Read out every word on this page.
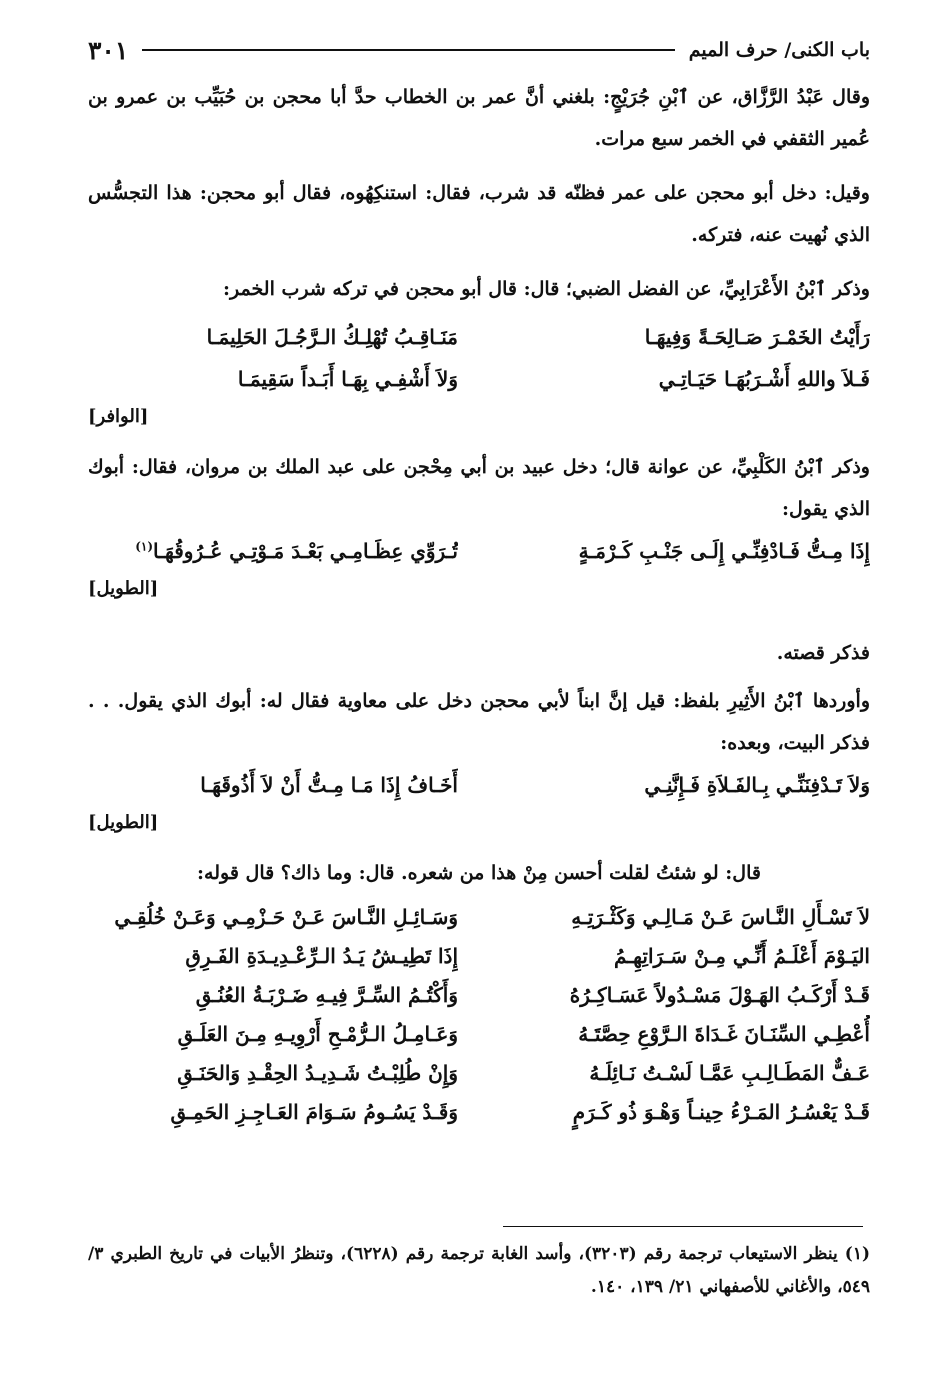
باب الكنى/ حرف الميم
٣٠١

وقال عَبْدُ الرَّزَّاق، عن ٱبْنِ جُرَيْجٍ: بلغني أنَّ عمر بن الخطاب حدَّ أبا محجن بن حُبَيِّب بن عمرو بن عُمير الثقفي في الخمر سبع مرات.

وقيل: دخل أبو محجن على عمر فظنّه قد شرب، فقال: استنكِهُوه، فقال أبو محجن: هذا التجسُّس الذي نُهيت عنه، فتركه.

وذكر ٱبْنُ الأَعْرَابِيِّ، عن الفضل الضبي؛ قال: قال أبو محجن في تركه شرب الخمر:

رَأَيْتُ الخَمْـرَ صَـالِحَـةً وَفِيهَـا
مَنَـاقِـبُ تُهْلِـكُ الـرَّجُـلَ الحَلِيمَـا
فَـلاَ واللهِ أَشْـرَبُهَـا حَيَـاتِـي
وَلاَ أَشْفِـي بِهَـا أَبَـداً سَقِيمَـا
[الوافر]

وذكر ٱبْنُ الكَلْبِيِّ، عن عوانة قال؛ دخل عبيد بن أبي مِحْجن على عبد الملك بن مروان، فقال: أبوك الذي يقول:

إِذَا مِـتُّ فَـادْفِنِّـي إِلَـى جَنْـبِ كَـرْمَـةٍ
تُـرَوِّي عِظَـامِـي بَعْـدَ مَـوْتِـي عُـرُوقُهَـا$^{(١)}$
[الطويل]

فذكر قصته.

وأوردها ٱبْنُ الأَثِيرِ بلفظ: قيل إنَّ ابناً لأبي محجن دخل على معاوية فقال له: أبوك الذي يقول. . . فذكر البيت، وبعده:

وَلاَ تَـدْفِنَنِّـي بِـالفَـلاَةِ فَـإِنَّنِـي
أَخَـافُ إِذَا مَـا مِـتُّ أَنْ لاَ أَذُوقَهَـا
[الطويل]

قال: لو شئتُ لقلت أحسن مِنْ هذا من شعره. قال: وما ذاك؟ قال قوله:

لاَ تَسْـأَلِ النَّـاسَ عَـنْ مَـالِـي وَكَثْـرَتِـهِ
وَسَـائِـلِ النَّـاسَ عَـنْ حَـزْمِـي وَعَـنْ خُلُقِـي
اليَـوْمَ أَعْلَـمُ أَنِّـي مِـنْ سَـرَاتِهِـمُ
إِذَا تَطِيـشُ يَـدُ الـرِّعْـدِيـدَةِ الفَـرِقِ
قَـدْ أَرْكَـبُ الهَـوْلَ مَسْـدُولاً عَسَـاكِـرُهُ
وَأَكْتُـمُ السِّـرَّ فِيـهِ ضَـرْبَـةُ العُنُـقِ
أُعْطِـي السِّنَـانَ غَـدَاةَ الـرَّوْعِ حِصَّتَـهُ
وَعَـامِـلُ الـرُّمْـحِ أَرْوِيـهِ مِـنَ العَلَـقِ
عَـفٌّ المَطَـالِـبِ عَمَّـا لَسْـتُ نَـائِلَـهُ
وَإِنْ طُلِبْـتُ شَـدِيـدُ الحِقْـدِ وَالحَنَـقِ
قَـدْ يَعْسُـرُ المَـرْءُ حِينـاً وَهْـوَ ذُو كَـرَمٍ
وَقَـدْ يَسُـومُ سَـوَامَ العَـاجِـزِ الحَمِـقِ
(١) ينظر الاستيعاب ترجمة رقم (٣٢٠٣)، وأسد الغابة ترجمة رقم (٦٢٢٨)، وتنظرُ الأبيات في تاريخ الطبري ٣/ ٥٤٩، والأغاني للأصفهاني ٢١/ ١٣٩، ١٤٠.
